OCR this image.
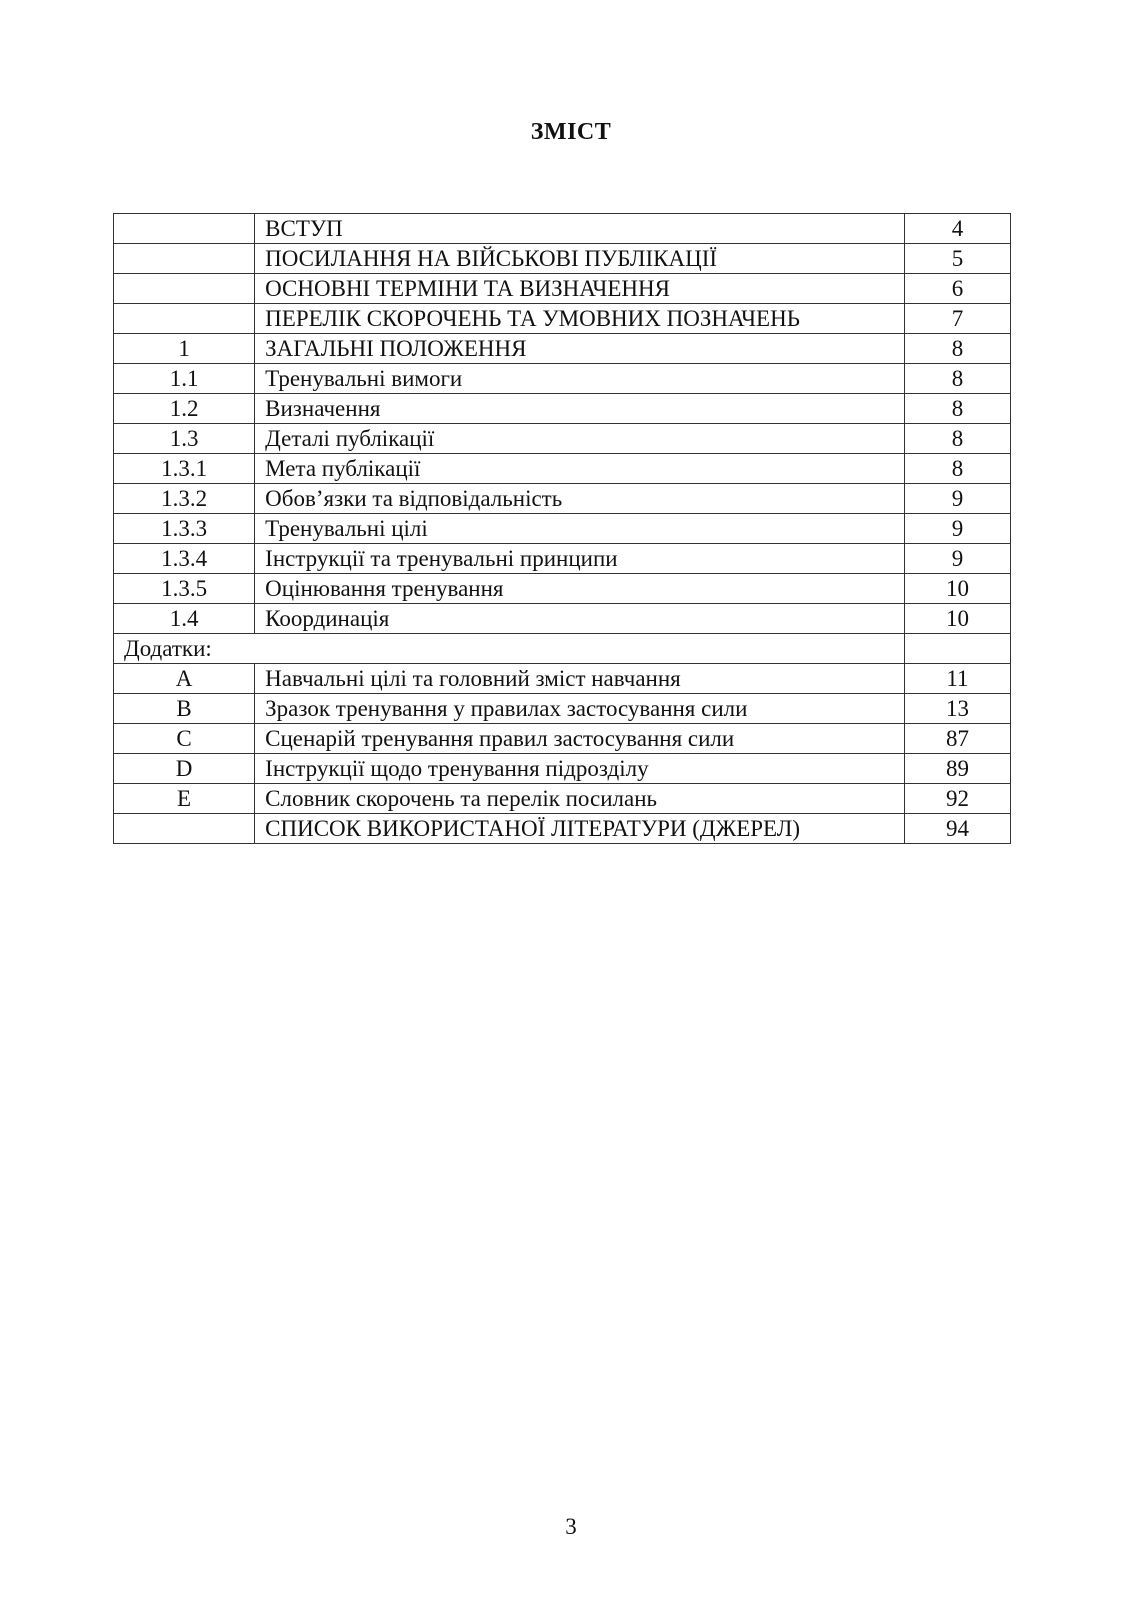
ЗМІСТ
	ВСТУП	4
	ПОСИЛАННЯ НА ВІЙСЬКОВІ ПУБЛІКАЦІЇ	5
	ОСНОВНІ ТЕРМІНИ ТА ВИЗНАЧЕННЯ	6
	ПЕРЕЛІК СКОРОЧЕНЬ ТА УМОВНИХ ПОЗНАЧЕНЬ	7
1	ЗАГАЛЬНІ ПОЛОЖЕННЯ	8
1.1	Тренувальні вимоги	8
1.2	Визначення	8
1.3	Деталі публікації	8
1.3.1	Мета публікації	8
1.3.2	Обов’язки та відповідальність	9
1.3.3	Тренувальні цілі	9
1.3.4	Інструкції та тренувальні принципи	9
1.3.5	Оцінювання тренування	10
1.4	Координація	10
Додатки:		
A	Навчальні цілі та головний зміст навчання	11
B	Зразок тренування у правилах застосування сили	13
C	Сценарій тренування правил застосування сили	87
D	Інструкції щодо тренування підрозділу	89
E	Словник скорочень та перелік посилань	92
	СПИСОК ВИКОРИСТАНОЇ ЛІТЕРАТУРИ (ДЖЕРЕЛ)	94
3
